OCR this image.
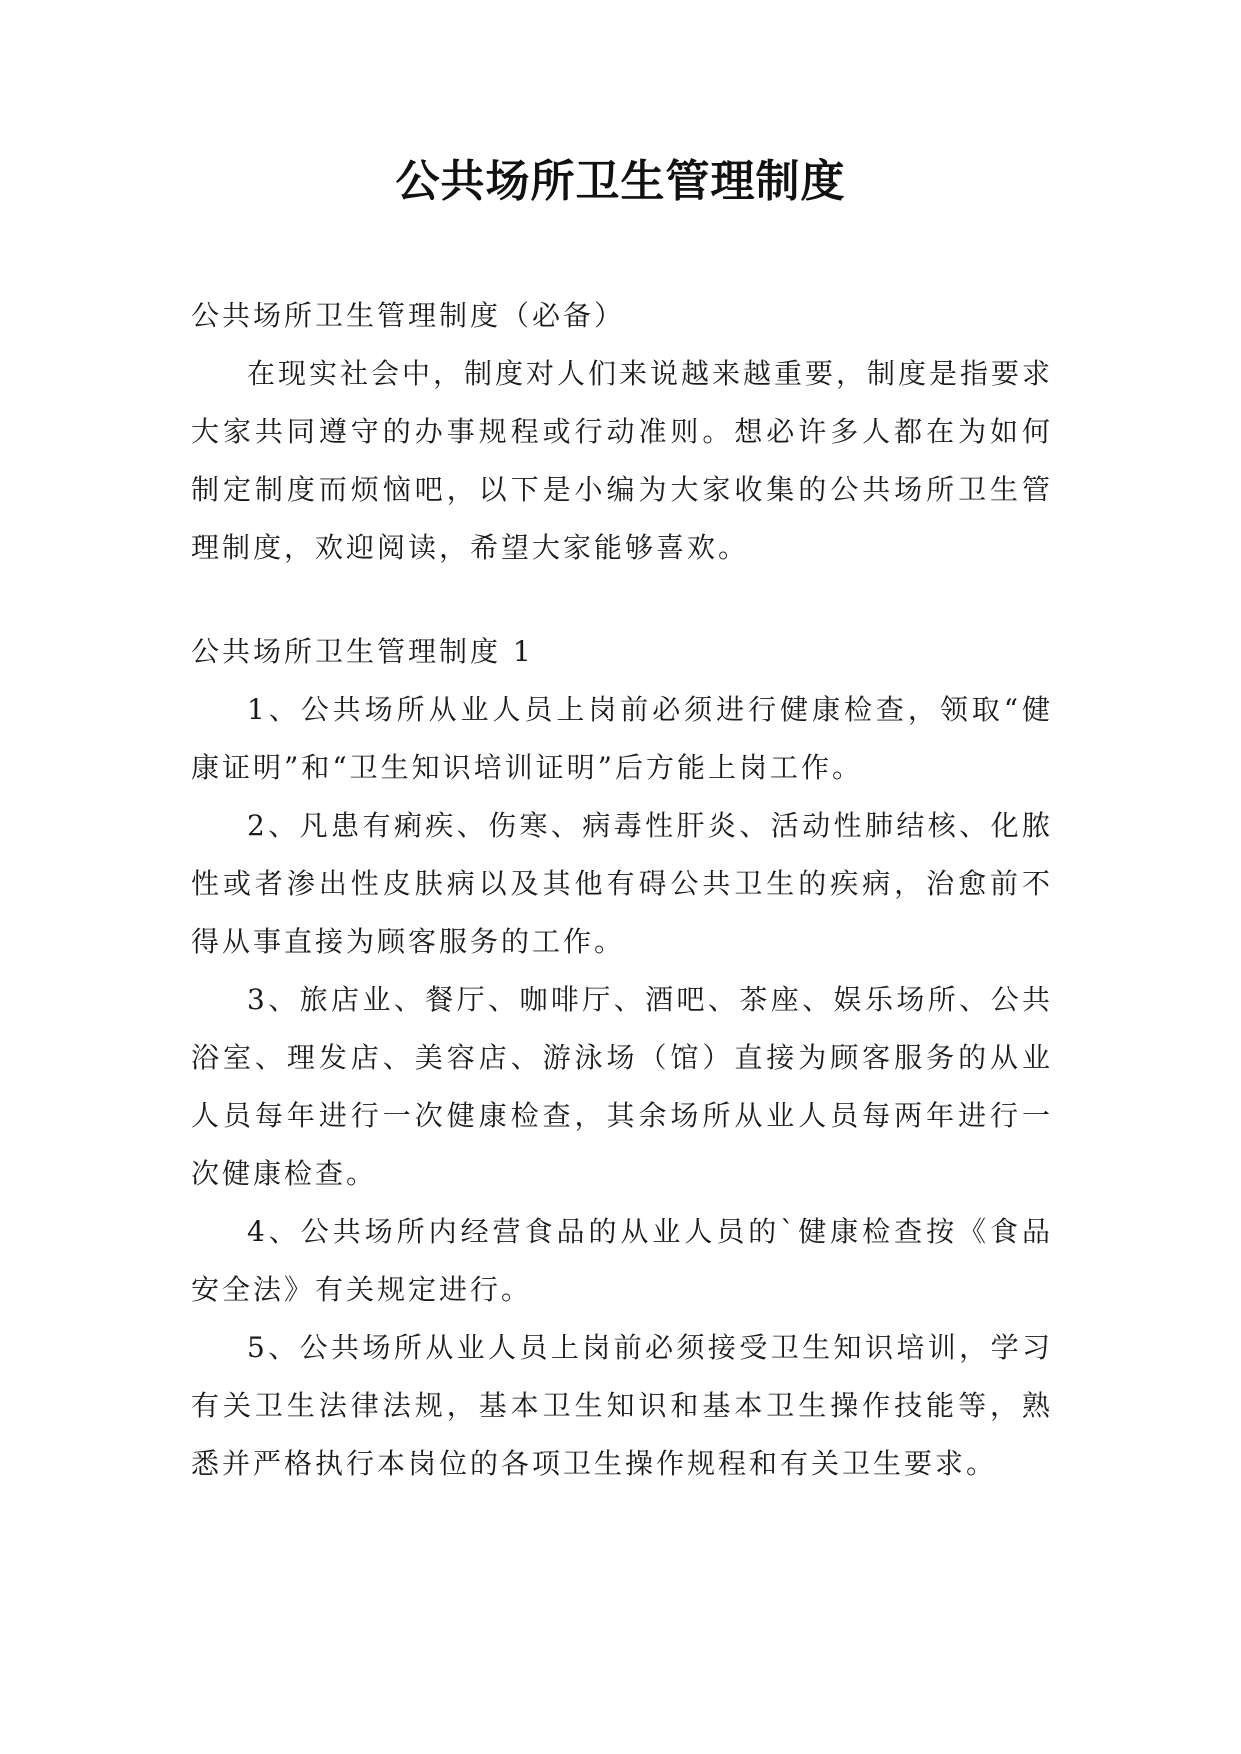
公共场所卫生管理制度

公共场所卫生管理制度（必备）

在现实社会中，制度对人们来说越来越重要，制度是指要求大家共同遵守的办事规程或行动准则。想必许多人都在为如何制定制度而烦恼吧，以下是小编为大家收集的公共场所卫生管理制度，欢迎阅读，希望大家能够喜欢。

公共场所卫生管理制度 1

1、公共场所从业人员上岗前必须进行健康检查，领取“健康证明”和“卫生知识培训证明”后方能上岗工作。

2、凡患有痢疾、伤寒、病毒性肝炎、活动性肺结核、化脓性或者渗出性皮肤病以及其他有碍公共卫生的疾病，治愈前不得从事直接为顾客服务的工作。

3、旅店业、餐厅、咖啡厅、酒吧、茶座、娱乐场所、公共浴室、理发店、美容店、游泳场（馆）直接为顾客服务的从业人员每年进行一次健康检查，其余场所从业人员每两年进行一次健康检查。

4、公共场所内经营食品的从业人员的`健康检查按《食品安全法》有关规定进行。

5、公共场所从业人员上岗前必须接受卫生知识培训，学习有关卫生法律法规，基本卫生知识和基本卫生操作技能等，熟悉并严格执行本岗位的各项卫生操作规程和有关卫生要求。
